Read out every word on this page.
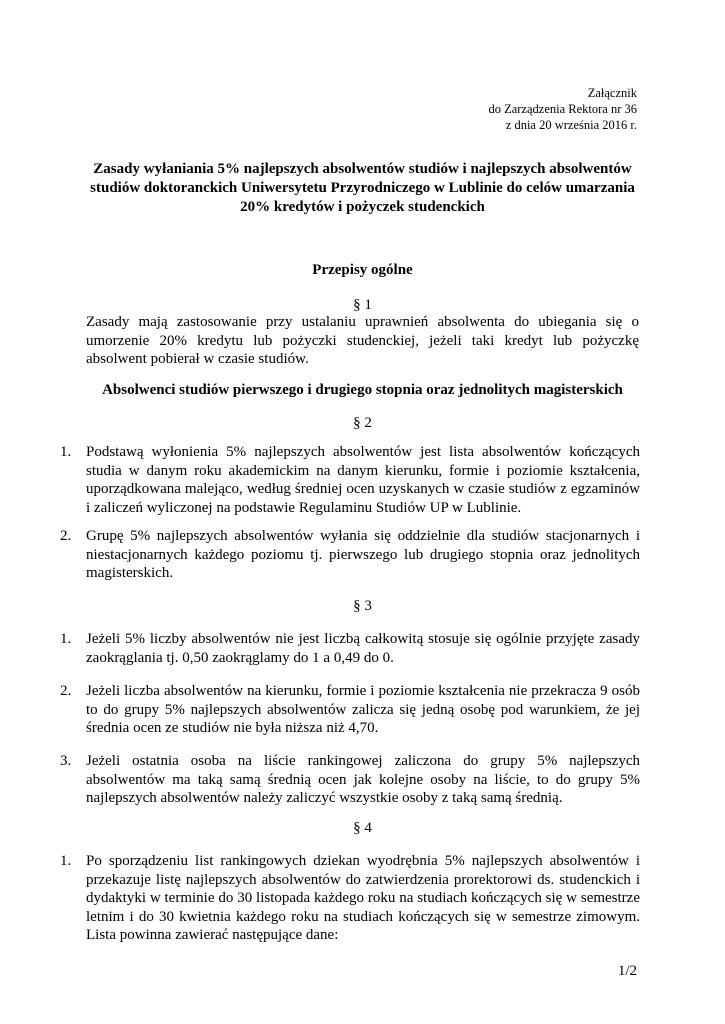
Załącznik
do Zarządzenia Rektora nr 36
z dnia 20 września 2016 r.
Zasady wyłaniania 5% najlepszych absolwentów studiów i najlepszych absolwentów studiów doktoranckich Uniwersytetu Przyrodniczego w Lublinie do celów umarzania 20% kredytów i pożyczek studenckich
Przepisy ogólne
§ 1
Zasady mają zastosowanie przy ustalaniu uprawnień absolwenta do ubiegania się o umorzenie 20% kredytu lub pożyczki studenckiej, jeżeli taki kredyt lub pożyczkę absolwent pobierał w czasie studiów.
Absolwenci studiów pierwszego i drugiego stopnia oraz jednolitych magisterskich
§ 2
1. Podstawą wyłonienia 5% najlepszych absolwentów jest lista absolwentów kończących studia w danym roku akademickim na danym kierunku, formie i poziomie kształcenia, uporządkowana malejąco, według średniej ocen uzyskanych w czasie studiów z egzaminów i zaliczeń wyliczonej na podstawie Regulaminu Studiów UP w Lublinie.
2. Grupę 5% najlepszych absolwentów wyłania się oddzielnie dla studiów stacjonarnych i niestacjonarnych każdego poziomu tj. pierwszego lub drugiego stopnia oraz jednolitych magisterskich.
§ 3
1. Jeżeli 5% liczby absolwentów nie jest liczbą całkowitą stosuje się ogólnie przyjęte zasady zaokrąglania tj. 0,50 zaokrąglamy do 1 a 0,49 do 0.
2. Jeżeli liczba absolwentów na kierunku, formie i poziomie kształcenia nie przekracza 9 osób to do grupy 5% najlepszych absolwentów zalicza się jedną osobę pod warunkiem, że jej średnia ocen ze studiów nie była niższa niż 4,70.
3. Jeżeli ostatnia osoba na liście rankingowej zaliczona do grupy 5% najlepszych absolwentów ma taką samą średnią ocen jak kolejne osoby na liście, to do grupy 5% najlepszych absolwentów należy zaliczyć wszystkie osoby z taką samą średnią.
§ 4
1. Po sporządzeniu list rankingowych dziekan wyodrębnia 5% najlepszych absolwentów i przekazuje listę najlepszych absolwentów do zatwierdzenia prorektorowi ds. studenckich i dydaktyki w terminie do 30 listopada każdego roku na studiach kończących się w semestrze letnim i do 30 kwietnia każdego roku na studiach kończących się w semestrze zimowym. Lista powinna zawierać następujące dane:
1/2
